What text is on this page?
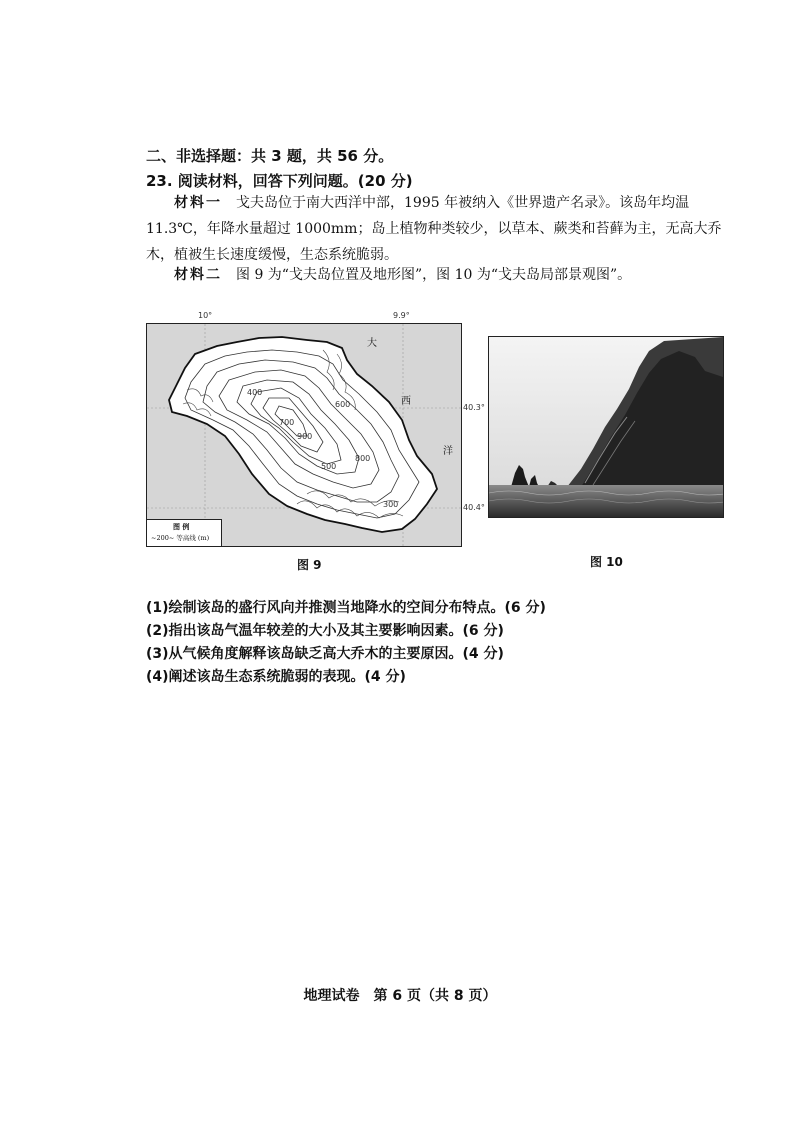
二、非选择题：共 3 题，共 56 分。
23. 阅读材料，回答下列问题。(20 分)
材料一　 戈夫岛位于南大西洋中部，1995 年被纳入《世界遗产名录》。该岛年均温 11.3℃，年降水量超过 1000mm；岛上植物种类较少，以草本、蕨类和苔藓为主，无高大乔木，植被生长速度缓慢，生态系统脆弱。
材料二　 图 9 为“戈夫岛位置及地形图”，图 10 为“戈夫岛局部景观图”。
10°	9.9°
400
700
600
900
800
500
300
大
西
洋
图 例
~200~ 等高线 (m)
40.3°
40.4°
图 9	图 10
(1)绘制该岛的盛行风向并推测当地降水的空间分布特点。(6 分)
(2)指出该岛气温年较差的大小及其主要影响因素。(6 分)
(3)从气候角度解释该岛缺乏高大乔木的主要原因。(4 分)
(4)阐述该岛生态系统脆弱的表现。(4 分)
地理试卷　第 6 页（共 8 页）
